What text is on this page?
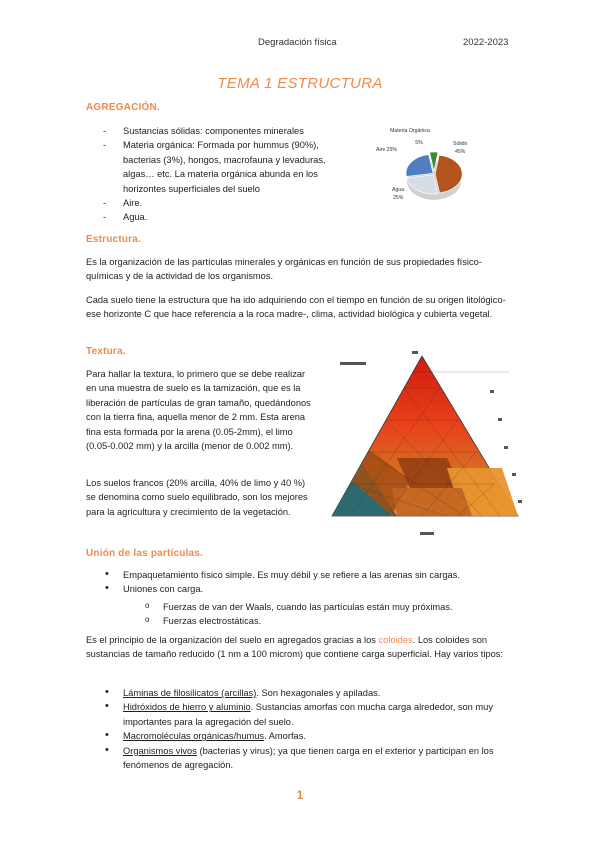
Degradación física	2022-2023
TEMA 1 ESTRUCTURA
AGREGACIÓN.
- Sustancias sólidas: componentes minerales
- Materia orgánica: Formada por hummus (90%), bacterias (3%), hongos, macrofauna y levaduras, algas… etc. La materia orgánica abunda en los horizontes superficiales del suelo
- Aire.
- Agua.
Materia Orgánica
5%	Sólido
45%
Aire 25%
Agua
25%
Estructura.

Es la organización de las partículas minerales y orgánicas en función de sus propiedades físico-químicas y de la actividad de los organismos.

Cada suelo tiene la estructura que ha ido adquiriendo con el tiempo en función de su origen litológico-ese horizonte C que hace referencia a la roca madre-, clima, actividad biológica y cubierta vegetal.

Textura.

Para hallar la textura, lo primero que se debe realizar en una muestra de suelo es la tamización, que es la liberación de partículas de gran tamaño, quedándonos con la tierra fina, aquella menor de 2 mm. Esta arena fina esta formada por la arena (0.05-2mm), el limo (0.05-0.002 mm) y la arcilla (menor de 0.002 mm).

Los suelos francos (20% arcilla, 40% de limo y 40 %) se denomina como suelo equilibrado, son los mejores para la agricultura y crecimiento de la vegetación.

Unión de las partículas.
• Empaquetamiento físico simple. Es muy débil y se refiere a las arenas sin cargas.
• Uniones con carga.
o Fuerzas de van der Waals, cuando las partículas están muy próximas.
o Fuerzas electrostáticas.

Es el principio de la organización del suelo en agregados gracias a los coloides. Los coloides son sustancias de tamaño reducido (1 nm a 100 microm) que contiene carga superficial. Hay varios tipos:

• Láminas de filosilicatos (arcillas). Son hexagonales y apiladas.
• Hidróxidos de hierro y aluminio. Sustancias amorfas con mucha carga alrededor, son muy importantes para la agregación del suelo.
• Macromoléculas orgánicas/humus. Amorfas.
• Organismos vivos (bacterias y virus); ya que tienen carga en el exterior y participan en los fenómenos de agregación.
1
